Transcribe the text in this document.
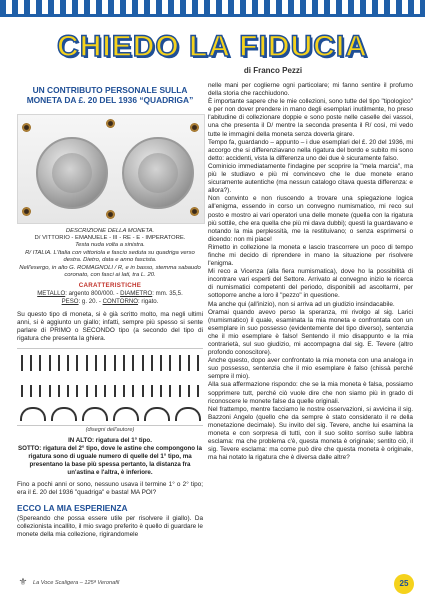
CHIEDO LA FIDUCIA
di Franco Pezzi
UN CONTRIBUTO PERSONALE SULLA MONETA DA £. 20 DEL 1936 “QUADRIGA”
DESCRIZIONE DELLA MONETA.
D/ VITTORIO - EMANUELE - III - RE - E - IMPERATORE.
Testa nuda volta a sinistra.
R/ ITALIA. L'Italia con vittoriola e fascio seduta su quadriga verso destra. Dietro, data e anno fascista.
Nell'esergo, in alto G. ROMAGNOLI / R, e in basso, stemma sabaudo coronato, con fasci ai lati, tra L. 20.
CARATTERISTICHE
METALLO: argento 800/000. - DIAMETRO: mm. 35,5.
PESO: g. 20. - CONTORNO: rigato.
Su questo tipo di moneta, si è già scritto molto, ma negli ultimi anni, si è aggiunto un giallo; infatti, sempre più spesso si sente parlare di PRIMO o SECONDO tipo (a secondo del tipo di rigatura che presenta la ghiera.
(disegni dell'autore)
IN ALTO: rigatura del 1° tipo.
SOTTO: rigatura del 2° tipo, dove le astine che compongono la rigatura sono di uguale numero di quelle del 1° tipo, ma presentano la base più spessa pertanto, la distanza fra un'astina e l'altra, è inferiore.
Fino a pochi anni or sono, nessuno usava il termine 1° o 2° tipo; era il £. 20 del 1936 "quadriga" e basta! MA POI?
ECCO LA MIA ESPERIENZA
(Spereando che possa essere utile per risolvere il giallo). Da collezionista incallito, il mio svago preferito è quello di guardare le monete della mia collezione, rigirandomele

nelle mani per coglierne ogni particolare; mi fanno sentire il profumo della storia che racchiudono.

È importante sapere che le mie collezioni, sono tutte del tipo "tipologico" e per non dover prendere in mano degli esemplari inutilmente, ho preso l'abitudine di collezionare doppie e sono poste nelle caselle dei vassoi, una che presenta il D/ mentre la seconda presenta il R/ così, mi vedo tutte le immagini della moneta senza doverla girare.

Tempo fa, guardando – appunto – i due esemplari del £. 20 del 1936, mi accorgo che si differenziavano nella rigatura del bordo e subito mi sono detto: accidenti, vista la differenza uno dei due è sicuramente falso.

Cominicio immediatamente l'indagine per scoprire la "mela marcia", ma più le studiavo e più mi convincevo che le due monete erano sicuramente autentiche (ma nessun catalogo citava questa differenza: e allora?).

Non convinto e non riuscendo a trovare una spiegazione logica all'enigma, essendo in corso un convegno numismatico, mi reco sul posto e mostro ai vari operatori una delle monete (quella con la rigatura più sottile, che era quella che più mi dava dubbi); questi la guardavano e notando la mia perplessità, me la restituivano; o senza esprimersi o dicendo: non mi piace!

Rimetto in collezione la moneta e lascio trascorrere un poco di tempo finche mi decido di riprendere in mano la situazione per risolvere l'enigma.

Mi reco a Vicenza (alla fiera numismatica), dove ho la possibilità di incontrare vari esperti del Settore. Arrivato al convegno inizio le ricerca di numismatici competenti del periodo, disponibili ad ascoltarmi, per sottoporre anche a loro il "pezzo" in questione.

Ma anche qui (all'inizio), non si arriva ad un giudizio insindacabile.

Oramai quando avevo perso la speranza, mi rivolgo al sig. Larici (numismatico) il quale, esaminata la mia moneta e confrontata con un esemplare in suo possesso (evidentemente del tipo diverso), sentenzia che il mio esemplare è falso! Sentendo il mio disappunto e la mia contrarietà, sul suo giudizio, mi accompagna dal sig. E. Tevere (altro profondo conoscitore).

Anche questo, dopo aver confrontato la mia moneta con una analoga in suo possesso, sentenzia che il mio esemplare è falso (chissà perché sempre il mio).

Alla sua affermazione rispondo: che se la mia moneta è falsa, possiamo sopprimere tutt, perché ciò vuole dire che non siamo più in grado di riconoscere le monete false da quelle originali.

Nel frattempo, mentre facciamo le nostre osservazioni, si avvicina il sig. Bazzoni Angelo (quello che da sempre è stato considerato il re della monetazione decimale). Su invito del sig. Tevere, anche lui esamina la moneta e con sorpresa di tutti, con il suo solito sorriso sulle labbra esclama: ma che problema c'è, questa moneta è originale; sentito ciò, il sig. Tevere esclama: ma come può dire che questa moneta è originale, ma hai notato la rigatura che è diversa dalle altre?

⚜ La Voce Scaligera – 125ª Veronafil	25
